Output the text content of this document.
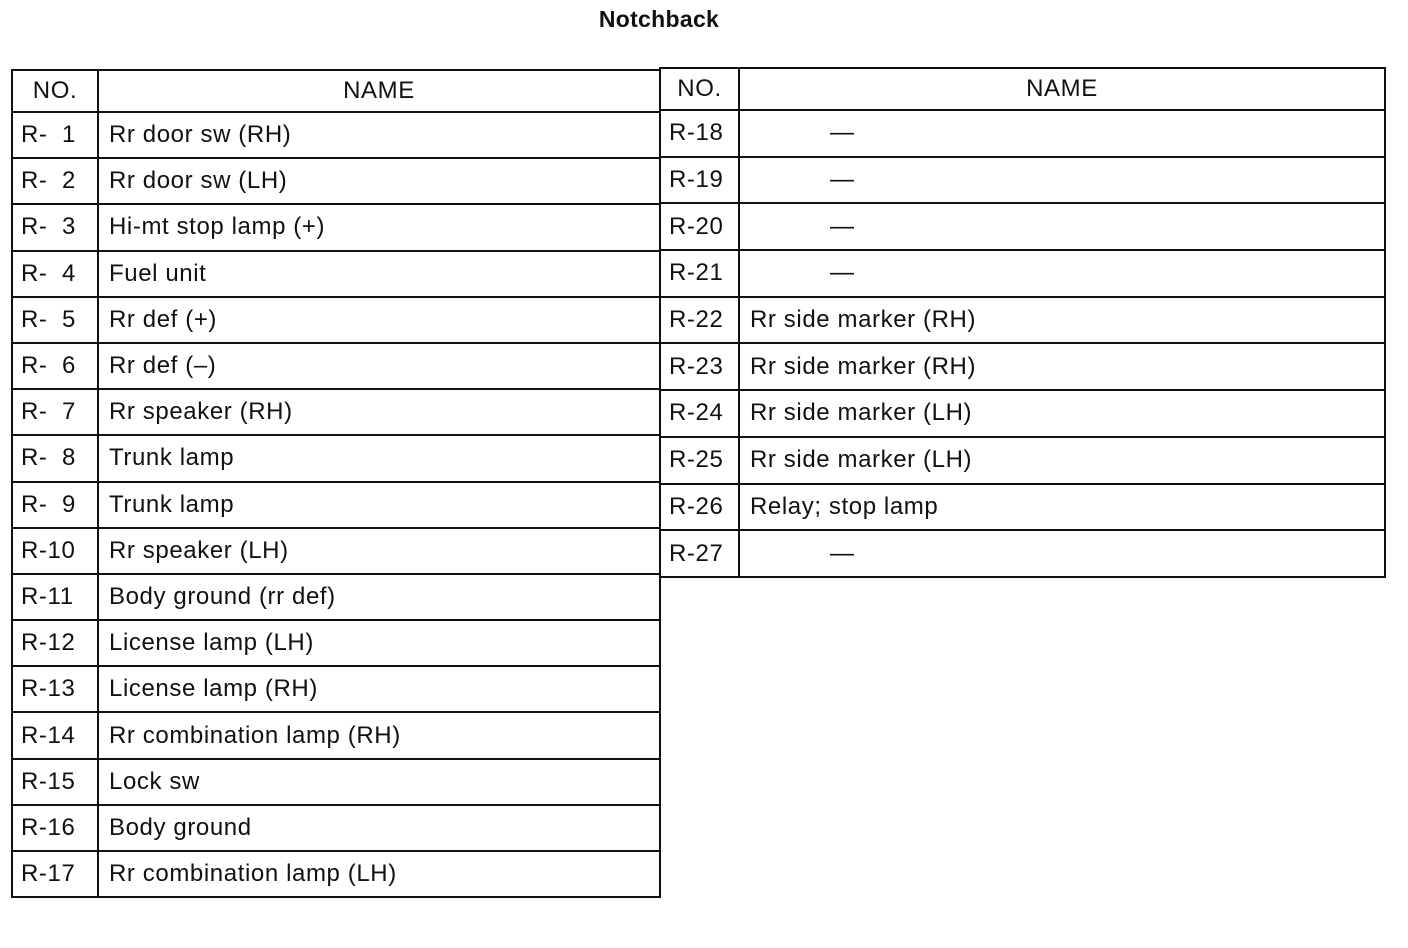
Notchback
NO.	NAME
R-  1	Rr door sw (RH)
R-  2	Rr door sw (LH)
R-  3	Hi-mt stop lamp (+)
R-  4	Fuel unit
R-  5	Rr def (+)
R-  6	Rr def (–)
R-  7	Rr speaker (RH)
R-  8	Trunk lamp
R-  9	Trunk lamp
R-10	Rr speaker (LH)
R-11	Body ground (rr def)
R-12	License lamp (LH)
R-13	License lamp (RH)
R-14	Rr combination lamp (RH)
R-15	Lock sw
R-16	Body ground
R-17	Rr combination lamp (LH)
NO.	NAME
R-18	—
R-19	—
R-20	—
R-21	—
R-22	Rr side marker (RH)
R-23	Rr side marker (RH)
R-24	Rr side marker (LH)
R-25	Rr side marker (LH)
R-26	Relay; stop lamp
R-27	—
